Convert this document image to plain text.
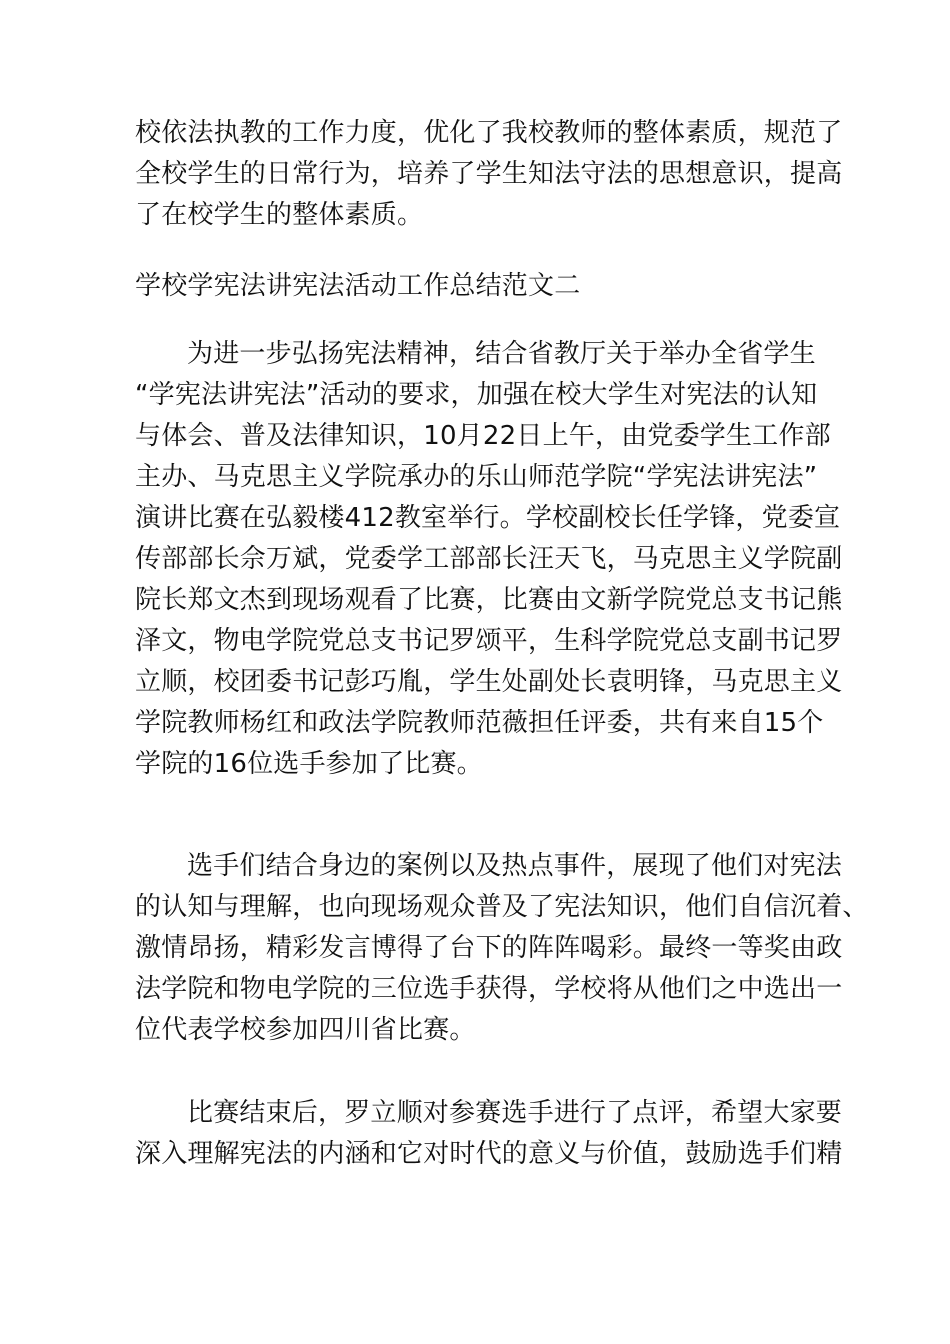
校依法执教的工作力度，优化了我校教师的整体素质，规范了
全校学生的日常行为，培养了学生知法守法的思想意识，提高
了在校学生的整体素质。
学校学宪法讲宪法活动工作总结范文二
为进一步弘扬宪法精神，结合省教厅关于举办全省学生
“学宪法讲宪法”活动的要求，加强在校大学生对宪法的认知
与体会、普及法律知识，10月22日上午，由党委学生工作部
主办、马克思主义学院承办的乐山师范学院“学宪法讲宪法”
演讲比赛在弘毅楼412教室举行。学校副校长任学锋，党委宣
传部部长佘万斌，党委学工部部长汪天飞，马克思主义学院副
院长郑文杰到现场观看了比赛，比赛由文新学院党总支书记熊
泽文，物电学院党总支书记罗颂平，生科学院党总支副书记罗
立顺，校团委书记彭巧胤，学生处副处长袁明锋，马克思主义
学院教师杨红和政法学院教师范薇担任评委，共有来自15个
学院的16位选手参加了比赛。
选手们结合身边的案例以及热点事件，展现了他们对宪法
的认知与理解，也向现场观众普及了宪法知识，他们自信沉着、
激情昂扬，精彩发言博得了台下的阵阵喝彩。最终一等奖由政
法学院和物电学院的三位选手获得，学校将从他们之中选出一
位代表学校参加四川省比赛。
比赛结束后，罗立顺对参赛选手进行了点评，希望大家要
深入理解宪法的内涵和它对时代的意义与价值，鼓励选手们精
